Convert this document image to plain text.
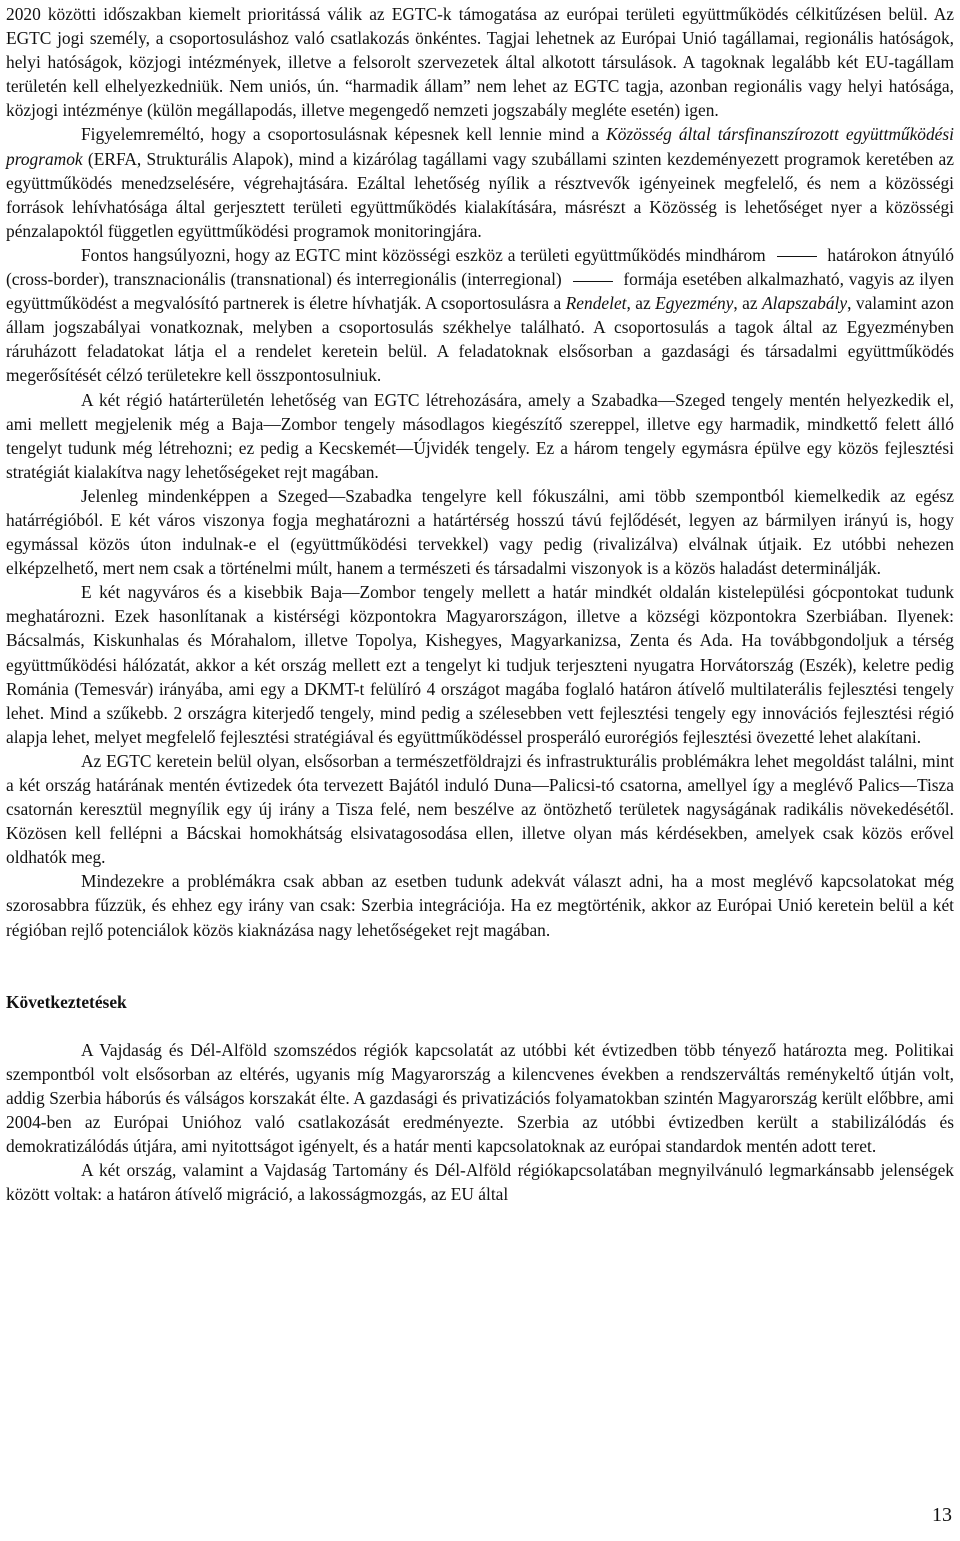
2020 közötti időszakban kiemelt prioritássá válik az EGTC-k támogatása az európai területi együttműködés célkitűzésen belül. Az EGTC jogi személy, a csoportosuláshoz való csatlakozás önkéntes. Tagjai lehetnek az Európai Unió tagállamai, regionális hatóságok, helyi hatóságok, közjogi intézmények, illetve a felsorolt szervezetek által alkotott társulások. A tagoknak legalább két EU-tagállam területén kell elhelyezkedniük. Nem uniós, ún. “harmadik állam” nem lehet az EGTC tagja, azonban regionális vagy helyi hatósága, közjogi intézménye (külön megállapodás, illetve megengedő nemzeti jogszabály megléte esetén) igen.

Figyelemreméltó, hogy a csoportosulásnak képesnek kell lennie mind a Közösség által társfinanszírozott együttműködési programok (ERFA, Strukturális Alapok), mind a kizárólag tagállami vagy szubállami szinten kezdeményezett programok keretében az együttműködés menedzselésére, végrehajtására. Ezáltal lehetőség nyílik a résztvevők igényeinek megfelelő, és nem a közösségi források lehívhatósága által gerjesztett területi együttműködés kialakítására, másrészt a Közösség is lehetőséget nyer a közösségi pénzalapoktól független együttműködési programok monitoringjára.

Fontos hangsúlyozni, hogy az EGTC mint közösségi eszköz a területi együttműködés mindhárom	határokon átnyúló (cross-border), transznacionális (transnational) és interregionális (interregional)	formája esetében alkalmazható, vagyis az ilyen együttműködést a megvalósító partnerek is életre hívhatják. A csoportosulásra a Rendelet, az Egyezmény, az Alapszabály, valamint azon állam jogszabályai vonatkoznak, melyben a csoportosulás székhelye található. A csoportosulás a tagok által az Egyezményben ráruházott feladatokat látja el a rendelet keretein belül. A feladatoknak elsősorban a gazdasági és társadalmi együttműködés megerősítését célzó területekre kell összpontosulniuk.

A két régió határterületén lehetőség van EGTC létrehozására, amely a Szabadka—Szeged tengely mentén helyezkedik el, ami mellett megjelenik még a Baja—Zombor tengely másodlagos kiegészítő szereppel, illetve egy harmadik, mindkettő felett álló tengelyt tudunk még létrehozni; ez pedig a Kecskemét—Újvidék tengely. Ez a három tengely egymásra épülve egy közös fejlesztési stratégiát kialakítva nagy lehetőségeket rejt magában.

Jelenleg mindenképpen a Szeged—Szabadka tengelyre kell fókuszálni, ami több szempontból kiemelkedik az egész határrégióból. E két város viszonya fogja meghatározni a határtérség hosszú távú fejlődését, legyen az bármilyen irányú is, hogy egymással közös úton indulnak-e el (együttműködési tervekkel) vagy pedig (rivalizálva) elválnak útjaik. Ez utóbbi nehezen elképzelhető, mert nem csak a történelmi múlt, hanem a természeti és társadalmi viszonyok is a közös haladást determinálják.

E két nagyváros és a kisebbik Baja—Zombor tengely mellett a határ mindkét oldalán kistelepülési gócpontokat tudunk meghatározni. Ezek hasonlítanak a kistérségi központokra Magyarországon, illetve a községi központokra Szerbiában. Ilyenek: Bácsalmás, Kiskunhalas és Mórahalom, illetve Topolya, Kishegyes, Magyarkanizsa, Zenta és Ada. Ha továbbgondoljuk a térség együttműködési hálózatát, akkor a két ország mellett ezt a tengelyt ki tudjuk terjeszteni nyugatra Horvátország (Eszék), keletre pedig Románia (Temesvár) irányába, ami egy a DKMT-t felülíró 4 országot magába foglaló határon átívelő multilaterális fejlesztési tengely lehet. Mind a szűkebb. 2 országra kiterjedő tengely, mind pedig a szélesebben vett fejlesztési tengely egy innovációs fejlesztési régió alapja lehet, melyet megfelelő fejlesztési stratégiával és együttműködéssel prosperáló eurorégiós fejlesztési övezetté lehet alakítani.

Az EGTC keretein belül olyan, elsősorban a természetföldrajzi és infrastrukturális problémákra lehet megoldást találni, mint a két ország határának mentén évtizedek óta tervezett Bajától induló Duna—Palicsi-tó csatorna, amellyel így a meglévő Palics—Tisza csatornán keresztül megnyílik egy új irány a Tisza felé, nem beszélve az öntözhető területek nagyságának radikális növekedésétől. Közösen kell fellépni a Bácskai homokhátság elsivatagosodása ellen, illetve olyan más kérdésekben, amelyek csak közös erővel oldhatók meg.

Mindezekre a problémákra csak abban az esetben tudunk adekvát választ adni, ha a most meglévő kapcsolatokat még szorosabbra fűzzük, és ehhez egy irány van csak: Szerbia integrációja. Ha ez megtörténik, akkor az Európai Unió keretein belül a két régióban rejlő potenciálok közös kiaknázása nagy lehetőségeket rejt magában.

Következtetések

A Vajdaság és Dél-Alföld szomszédos régiók kapcsolatát az utóbbi két évtizedben több tényező határozta meg. Politikai szempontból volt elsősorban az eltérés, ugyanis míg Magyarország a kilencvenes években a rendszerváltás reménykeltő útján volt, addig Szerbia háborús és válságos korszakát élte. A gazdasági és privatizációs folyamatokban szintén Magyarország került előbbre, ami 2004-ben az Európai Unióhoz való csatlakozását eredményezte. Szerbia az utóbbi évtizedben került a stabilizálódás és demokratizálódás útjára, ami nyitottságot igényelt, és a határ menti kapcsolatoknak az európai standardok mentén adott teret.

A két ország, valamint a Vajdaság Tartomány és Dél-Alföld régiókapcsolatában megnyilvánuló legmarkánsabb jelenségek között voltak: a határon átívelő migráció, a lakosságmozgás, az EU által

13
